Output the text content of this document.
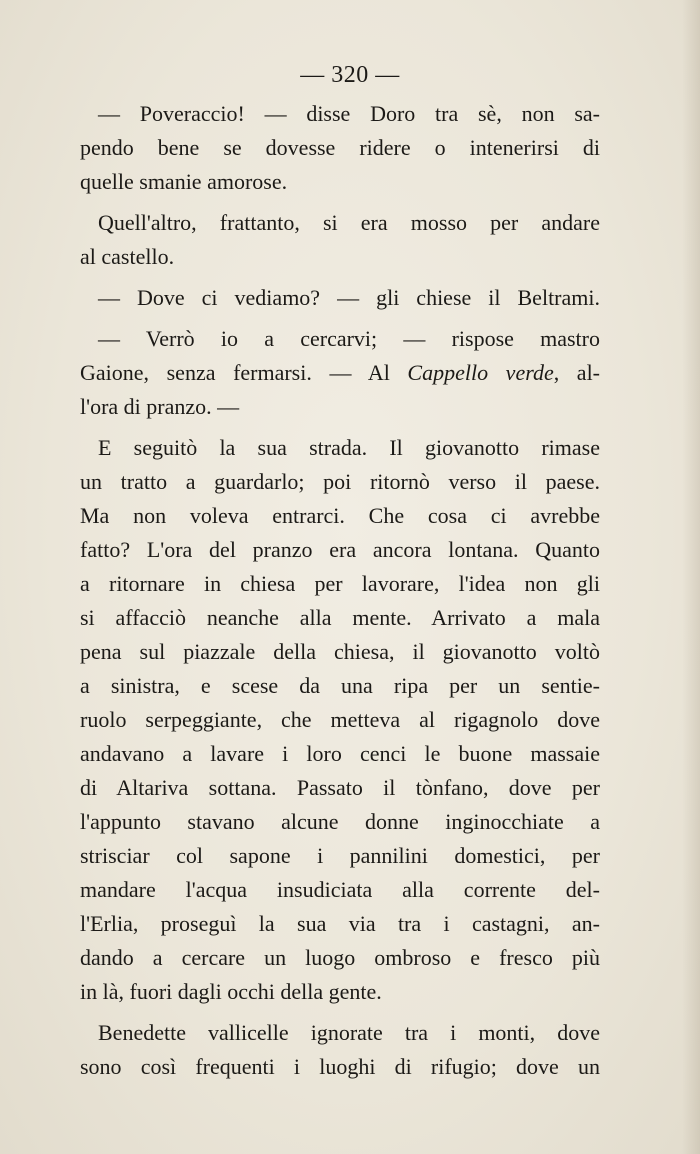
— 320 —
— Poveraccio! — disse Doro tra sè, non sa-
pendo bene se dovesse ridere o intenerirsi di
quelle smanie amorose.
Quell'altro, frattanto, si era mosso per andare
al castello.
— Dove ci vediamo? — gli chiese il Beltrami.
— Verrò io a cercarvi; — rispose mastro
Gaione, senza fermarsi. — Al Cappello verde, al-
l'ora di pranzo. —
E seguitò la sua strada. Il giovanotto rimase
un tratto a guardarlo; poi ritornò verso il paese.
Ma non voleva entrarci. Che cosa ci avrebbe
fatto? L'ora del pranzo era ancora lontana. Quanto
a ritornare in chiesa per lavorare, l'idea non gli
si affacciò neanche alla mente. Arrivato a mala
pena sul piazzale della chiesa, il giovanotto voltò
a sinistra, e scese da una ripa per un sentie-
ruolo serpeggiante, che metteva al rigagnolo dove
andavano a lavare i loro cenci le buone massaie
di Altariva sottana. Passato il tònfano, dove per
l'appunto stavano alcune donne inginocchiate a
strisciar col sapone i pannilini domestici, per
mandare l'acqua insudiciata alla corrente del-
l'Erlia, proseguì la sua via tra i castagni, an-
dando a cercare un luogo ombroso e fresco più
in là, fuori dagli occhi della gente.
Benedette vallicelle ignorate tra i monti, dove
sono così frequenti i luoghi di rifugio; dove un
